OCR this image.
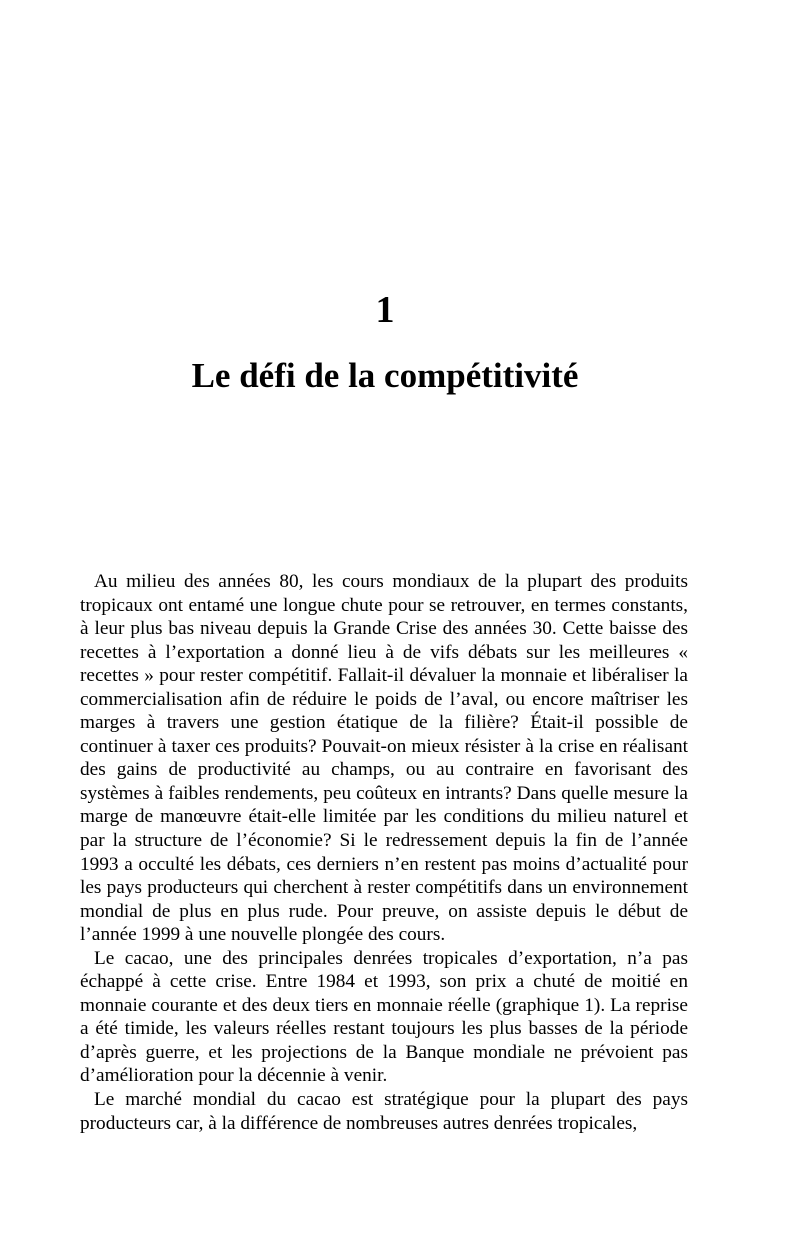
1
Le défi de la compétitivité

Au milieu des années 80, les cours mondiaux de la plupart des produits tropicaux ont entamé une longue chute pour se retrouver, en termes constants, à leur plus bas niveau depuis la Grande Crise des années 30. Cette baisse des recettes à l’exportation a donné lieu à de vifs débats sur les meilleures « recettes » pour rester compétitif. Fallait-il dévaluer la monnaie et libéraliser la commercialisation afin de réduire le poids de l’aval, ou encore maîtriser les marges à travers une gestion étatique de la filière? Était-il possible de continuer à taxer ces produits? Pouvait-on mieux résister à la crise en réalisant des gains de productivité au champs, ou au contraire en favorisant des systèmes à faibles rendements, peu coûteux en intrants? Dans quelle mesure la marge de manœuvre était-elle limitée par les conditions du milieu naturel et par la structure de l’économie? Si le redressement depuis la fin de l’année 1993 a occulté les débats, ces derniers n’en restent pas moins d’actualité pour les pays producteurs qui cherchent à rester compétitifs dans un environnement mondial de plus en plus rude. Pour preuve, on assiste depuis le début de l’année 1999 à une nouvelle plongée des cours.

Le cacao, une des principales denrées tropicales d’exportation, n’a pas échappé à cette crise. Entre 1984 et 1993, son prix a chuté de moitié en monnaie courante et des deux tiers en monnaie réelle (graphique 1). La reprise a été timide, les valeurs réelles restant toujours les plus basses de la période d’après guerre, et les projections de la Banque mondiale ne prévoient pas d’amélioration pour la décennie à venir.

Le marché mondial du cacao est stratégique pour la plupart des pays producteurs car, à la différence de nombreuses autres denrées tropicales,
